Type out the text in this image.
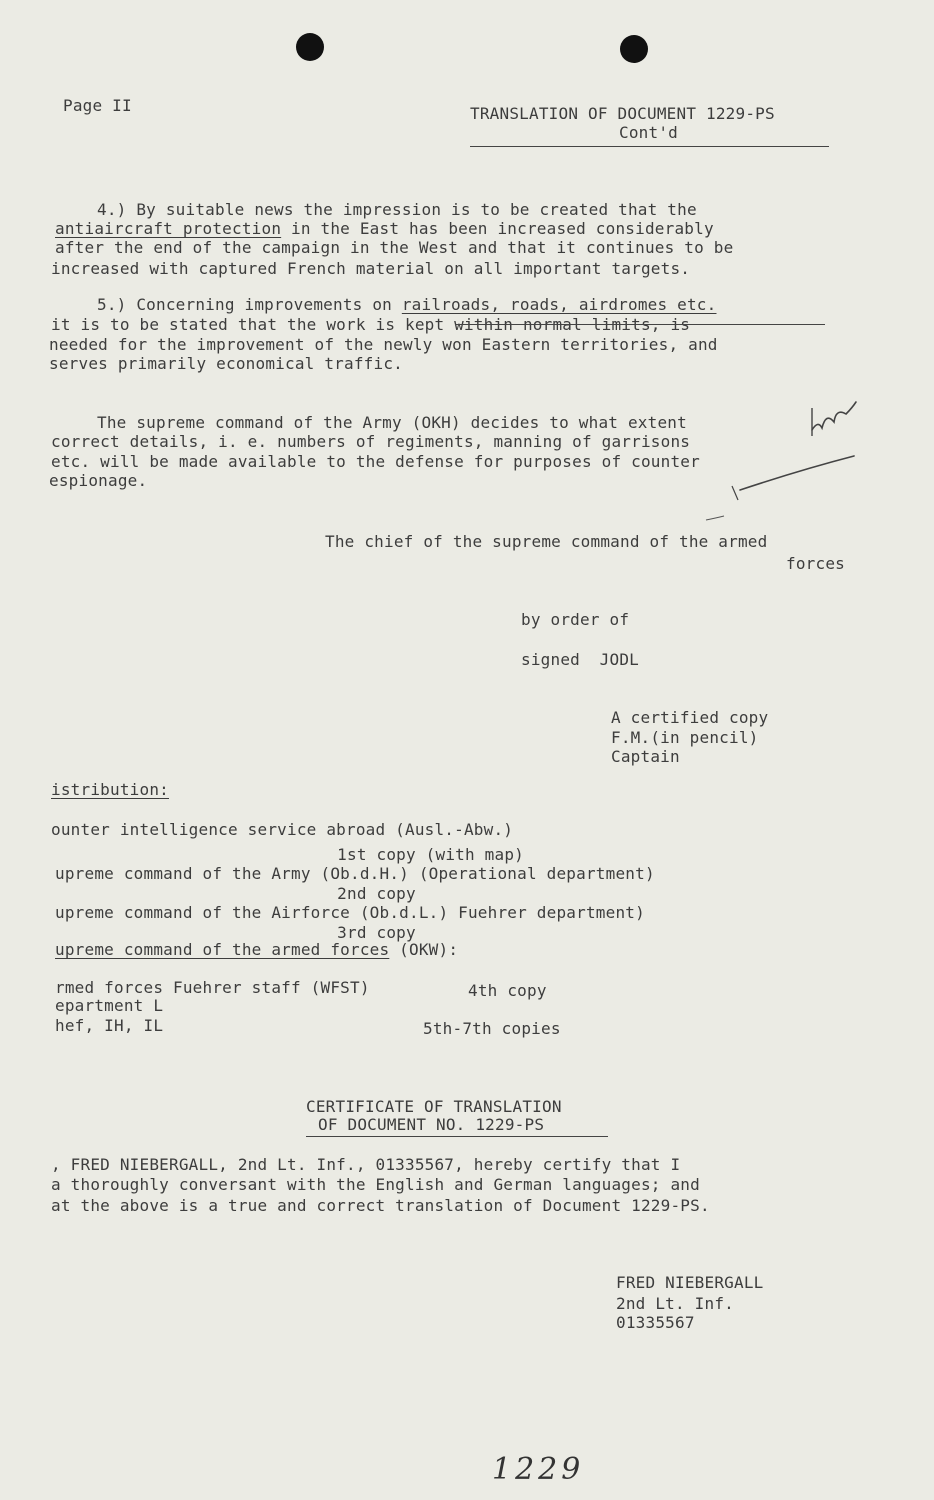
Page II	TRANSLATION OF DOCUMENT 1229-PS
Cont'd
4.) By suitable news the impression is to be created that the
antiaircraft protection in the East has been increased considerably
after the end of the campaign in the West and that it continues to be
increased with captured French material on all important targets.
5.) Concerning improvements on railroads, roads, airdromes etc.
it is to be stated that the work is kept within normal limits, is
needed for the improvement of the newly won Eastern territories, and
serves primarily economical traffic.
The supreme command of the Army (OKH) decides to what extent
correct details, i. e. numbers of regiments, manning of garrisons
etc. will be made available to the defense for purposes of counter
espionage.
The chief of the supreme command of the armed
forces
by order of
signed  JODL
A certified copy
F.M.(in pencil)
Captain
istribution:
ounter intelligence service abroad (Ausl.-Abw.)
1st copy (with map)
upreme command of the Army (Ob.d.H.) (Operational department)
2nd copy
upreme command of the Airforce (Ob.d.L.) Fuehrer department)
3rd copy
upreme command of the armed forces (OKW):
rmed forces Fuehrer staff (WFST)	4th copy
epartment L
hef, IH, IL	5th-7th copies
CERTIFICATE OF TRANSLATION
OF DOCUMENT NO. 1229-PS
, FRED NIEBERGALL, 2nd Lt. Inf., 01335567, hereby certify that I
a thoroughly conversant with the English and German languages; and
at the above is a true and correct translation of Document 1229-PS.
FRED NIEBERGALL
2nd Lt. Inf.
01335567
1229
